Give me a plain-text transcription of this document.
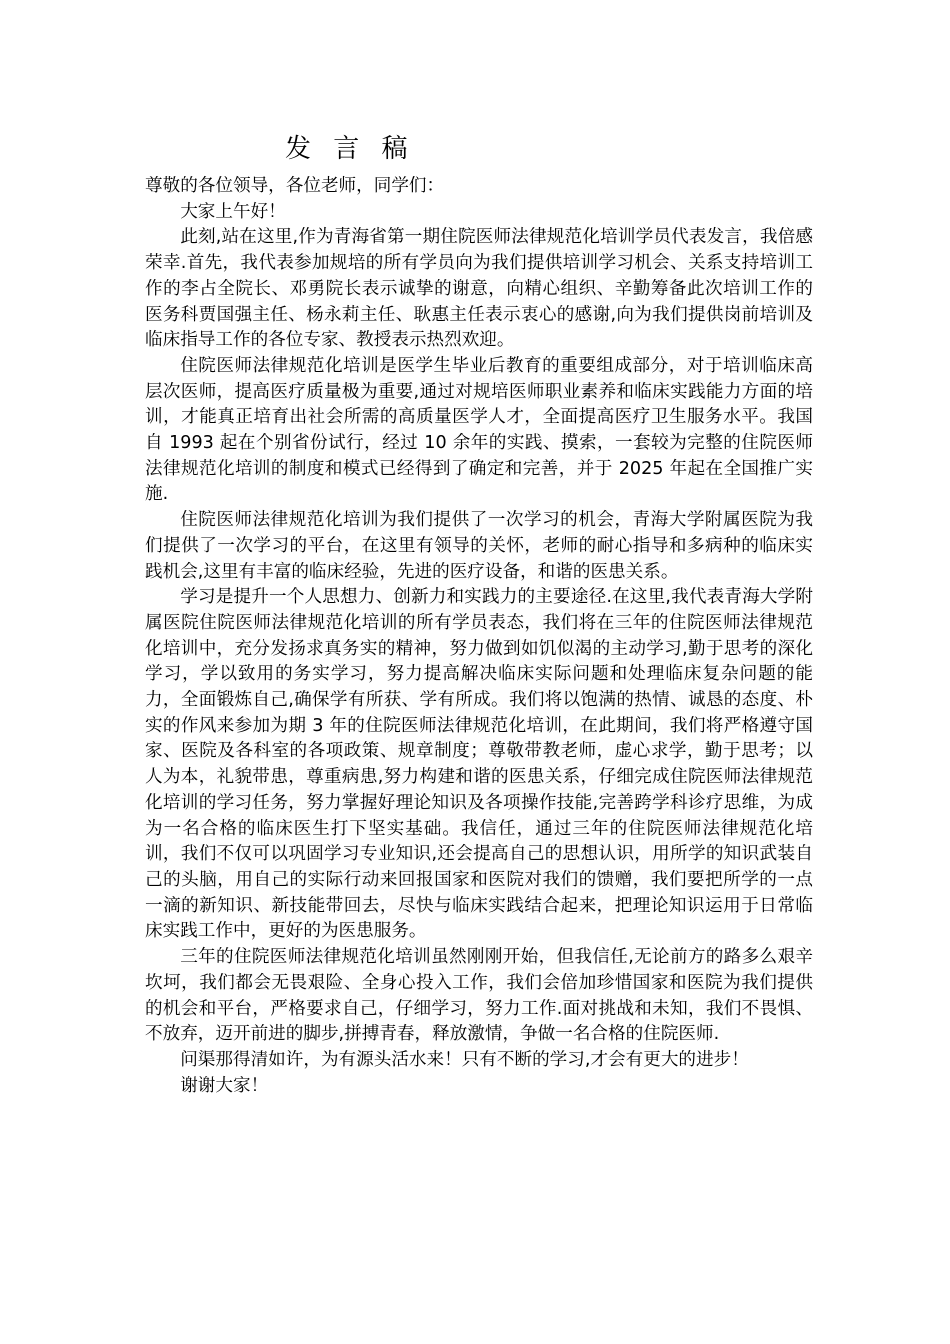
发 言 稿

尊敬的各位领导，各位老师，同学们：

大家上午好！

此刻,站在这里,作为青海省第一期住院医师法律规范化培训学员代表发言，我倍感荣幸.首先，我代表参加规培的所有学员向为我们提供培训学习机会、关系支持培训工作的李占全院长、邓勇院长表示诚挚的谢意，向精心组织、辛勤筹备此次培训工作的医务科贾国强主任、杨永莉主任、耿惠主任表示衷心的感谢,向为我们提供岗前培训及临床指导工作的各位专家、教授表示热烈欢迎。

住院医师法律规范化培训是医学生毕业后教育的重要组成部分，对于培训临床高层次医师，提高医疗质量极为重要,通过对规培医师职业素养和临床实践能力方面的培训，才能真正培育出社会所需的高质量医学人才，全面提高医疗卫生服务水平。我国自 1993 起在个别省份试行，经过 10 余年的实践、摸索，一套较为完整的住院医师法律规范化培训的制度和模式已经得到了确定和完善，并于 2025 年起在全国推广实施.

住院医师法律规范化培训为我们提供了一次学习的机会，青海大学附属医院为我们提供了一次学习的平台，在这里有领导的关怀，老师的耐心指导和多病种的临床实践机会,这里有丰富的临床经验，先进的医疗设备，和谐的医患关系。

学习是提升一个人思想力、创新力和实践力的主要途径.在这里,我代表青海大学附属医院住院医师法律规范化培训的所有学员表态，我们将在三年的住院医师法律规范化培训中，充分发扬求真务实的精神，努力做到如饥似渴的主动学习,勤于思考的深化学习，学以致用的务实学习，努力提高解决临床实际问题和处理临床复杂问题的能力，全面锻炼自己,确保学有所获、学有所成。我们将以饱满的热情、诚恳的态度、朴实的作风来参加为期 3 年的住院医师法律规范化培训，在此期间，我们将严格遵守国家、医院及各科室的各项政策、规章制度；尊敬带教老师，虚心求学，勤于思考；以人为本，礼貌带患，尊重病患,努力构建和谐的医患关系，仔细完成住院医师法律规范化培训的学习任务，努力掌握好理论知识及各项操作技能,完善跨学科诊疗思维，为成为一名合格的临床医生打下坚实基础。我信任，通过三年的住院医师法律规范化培训，我们不仅可以巩固学习专业知识,还会提高自己的思想认识，用所学的知识武装自己的头脑，用自己的实际行动来回报国家和医院对我们的馈赠，我们要把所学的一点一滴的新知识、新技能带回去，尽快与临床实践结合起来，把理论知识运用于日常临床实践工作中，更好的为医患服务。

三年的住院医师法律规范化培训虽然刚刚开始，但我信任,无论前方的路多么艰辛坎坷，我们都会无畏艰险、全身心投入工作，我们会倍加珍惜国家和医院为我们提供的机会和平台，严格要求自己，仔细学习，努力工作.面对挑战和未知，我们不畏惧、不放弃，迈开前进的脚步,拼搏青春，释放激情，争做一名合格的住院医师.

问渠那得清如许，为有源头活水来！只有不断的学习,才会有更大的进步！

谢谢大家！
